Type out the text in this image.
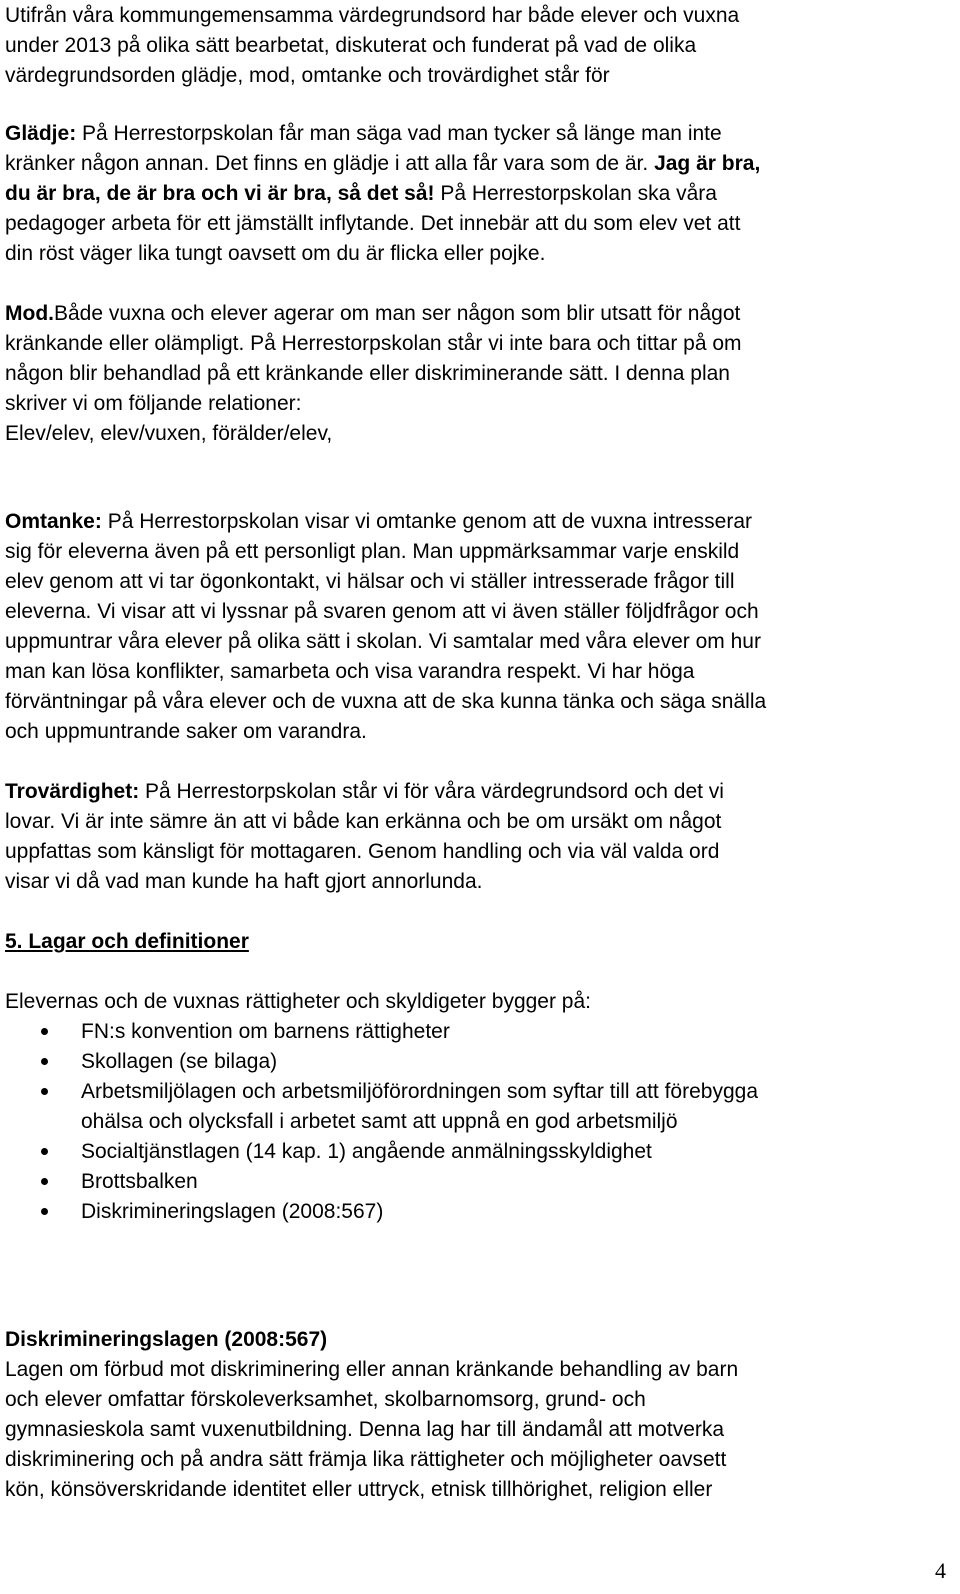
Utifrån våra kommungemensamma värdegrundsord har både elever och vuxna

under 2013 på olika sätt bearbetat, diskuterat och funderat på vad de olika

värdegrundsorden glädje, mod, omtanke och trovärdighet står för

Glädje: På Herrestorpskolan får man säga vad man tycker så länge man inte

kränker någon annan. Det finns en glädje i att alla får vara som de är. Jag är bra,

du är bra, de är bra och vi är bra, så det så! På Herrestorpskolan ska våra

pedagoger arbeta för ett jämställt inflytande. Det innebär att du som elev vet att

din röst väger lika tungt oavsett om du är flicka eller pojke.

Mod.Både vuxna och elever agerar om man ser någon som blir utsatt för något

kränkande eller olämpligt. På Herrestorpskolan står vi inte bara och tittar på om

någon blir behandlad på ett kränkande eller diskriminerande sätt. I denna plan

skriver vi om följande relationer:

Elev/elev, elev/vuxen, förälder/elev,

Omtanke: På Herrestorpskolan visar vi omtanke genom att de vuxna intresserar

sig för eleverna även på ett personligt plan. Man uppmärksammar varje enskild

elev genom att vi tar ögonkontakt, vi hälsar och vi ställer intresserade frågor till

eleverna. Vi visar att vi lyssnar på svaren genom att vi även ställer följdfrågor och

uppmuntrar våra elever på olika sätt i skolan. Vi samtalar med våra elever om hur

man kan lösa konflikter, samarbeta och visa varandra respekt. Vi har höga

förväntningar på våra elever och de vuxna att de ska kunna tänka och säga snälla

och uppmuntrande saker om varandra.

Trovärdighet: På Herrestorpskolan står vi för våra värdegrundsord och det vi

lovar. Vi är inte sämre än att vi både kan erkänna och be om ursäkt om något

uppfattas som känsligt för mottagaren. Genom handling och via väl valda ord

visar vi då vad man kunde ha haft gjort annorlunda.

5. Lagar och definitioner

Elevernas och de vuxnas rättigheter och skyldigeter bygger på:

FN:s konvention om barnens rättigheter

Skollagen (se bilaga)

Arbetsmiljölagen och arbetsmiljöförordningen som syftar till att förebygga

ohälsa och olycksfall i arbetet samt att uppnå en god arbetsmiljö

Socialtjänstlagen (14 kap. 1) angående anmälningsskyldighet

Brottsbalken

Diskrimineringslagen (2008:567)

Diskrimineringslagen (2008:567)

Lagen om förbud mot diskriminering eller annan kränkande behandling av barn

och elever omfattar förskoleverksamhet, skolbarnomsorg, grund- och

gymnasieskola samt vuxenutbildning. Denna lag har till ändamål att motverka

diskriminering och på andra sätt främja lika rättigheter och möjligheter oavsett

kön, könsöverskridande identitet eller uttryck, etnisk tillhörighet, religion eller

4
